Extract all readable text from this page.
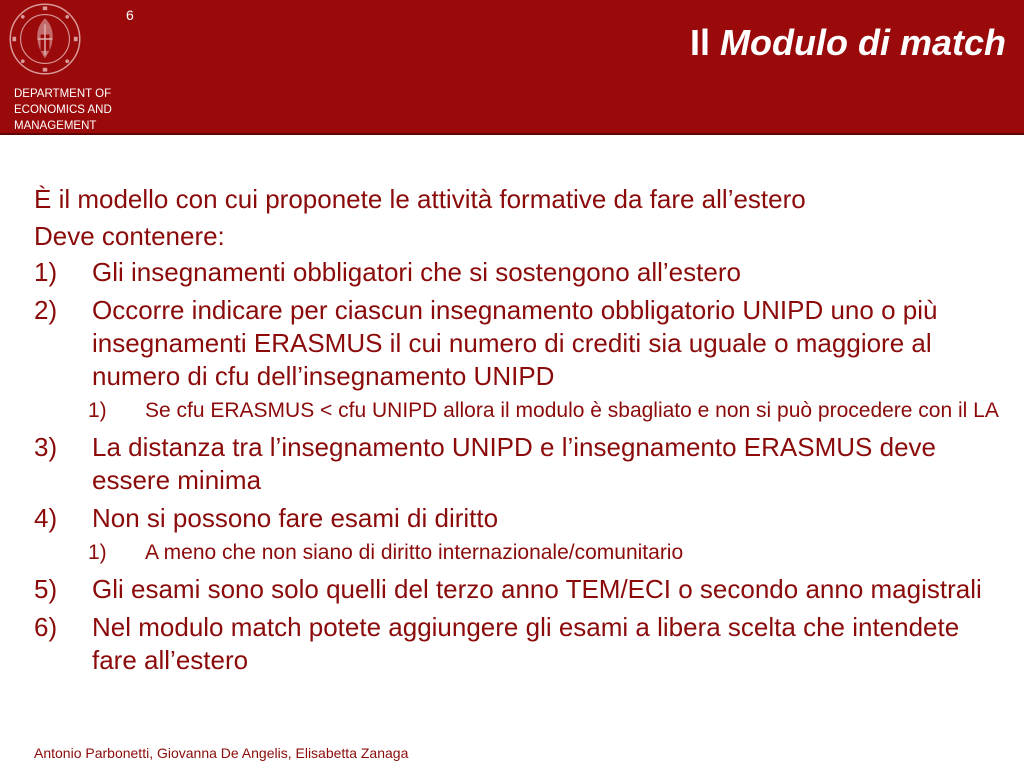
6
DEPARTMENT OF
ECONOMICS AND
MANAGEMENT
Il Modulo di match
È il modello con cui proponete le attività formative da fare all’estero
Deve contenere:
1) Gli insegnamenti obbligatori che si sostengono all’estero
2) Occorre indicare per ciascun insegnamento obbligatorio UNIPD uno o più insegnamenti ERASMUS il cui numero di crediti sia uguale o maggiore al numero di cfu dell’insegnamento UNIPD
1) Se cfu ERASMUS < cfu UNIPD allora il modulo è sbagliato e non si può procedere con il LA
3) La distanza tra l’insegnamento UNIPD e l’insegnamento ERASMUS deve essere minima
4) Non si possono fare esami di diritto
1) A meno che non siano di diritto internazionale/comunitario
5) Gli esami sono solo quelli del terzo anno TEM/ECI o secondo anno magistrali
6) Nel modulo match potete aggiungere gli esami a libera scelta che intendete fare all’estero
Antonio Parbonetti, Giovanna De Angelis, Elisabetta Zanaga
